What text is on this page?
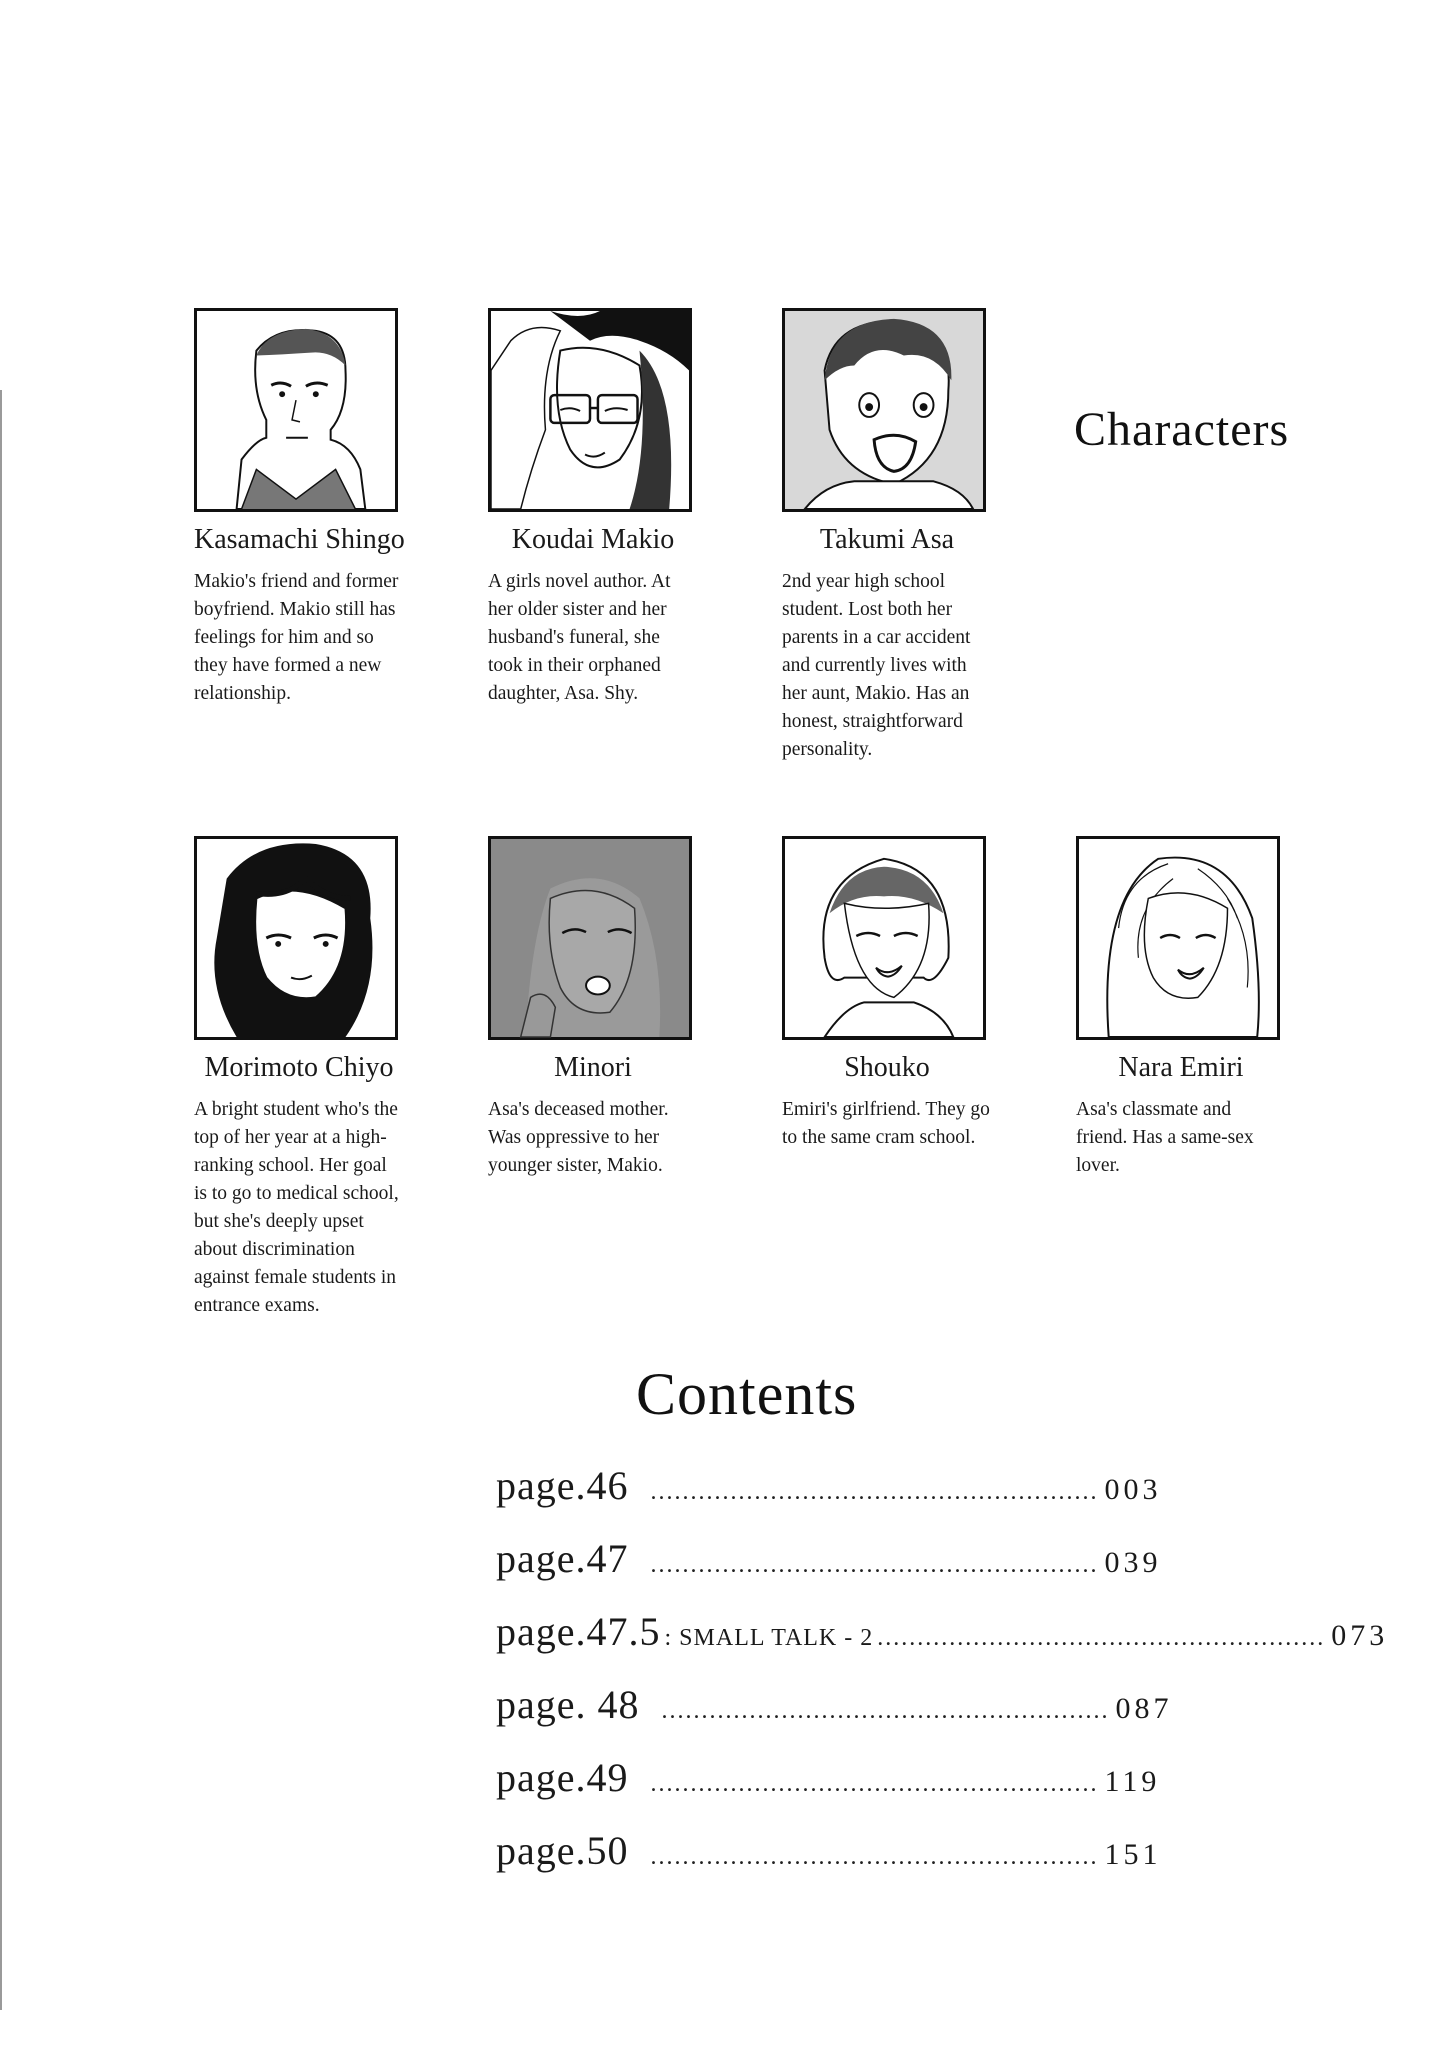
Characters
Kasamachi Shingo
Makio's friend and former boyfriend. Makio still has feelings for him and so they have formed a new relationship.
Koudai Makio
A girls novel author. At her older sister and her husband's funeral, she took in their orphaned daughter, Asa. Shy.
Takumi Asa
2nd year high school student. Lost both her parents in a car accident and currently lives with her aunt, Makio. Has an honest, straightforward personality.
Morimoto Chiyo
A bright student who's the top of her year at a high-ranking school. Her goal is to go to medical school, but she's deeply upset about discrimination against female students in entrance exams.
Minori
Asa's deceased mother. Was oppressive to her younger sister, Makio.
Shouko
Emiri's girlfriend. They go to the same cram school.
Nara Emiri
Asa's classmate and friend. Has a same-sex lover.
Contents
page.46 ........................................................ 003
page.47 ........................................................ 039
page.47.5 : SMALL TALK - 2 ........................................................ 073
page. 48 ........................................................ 087
page.49 ........................................................ 119
page.50 ........................................................ 151
